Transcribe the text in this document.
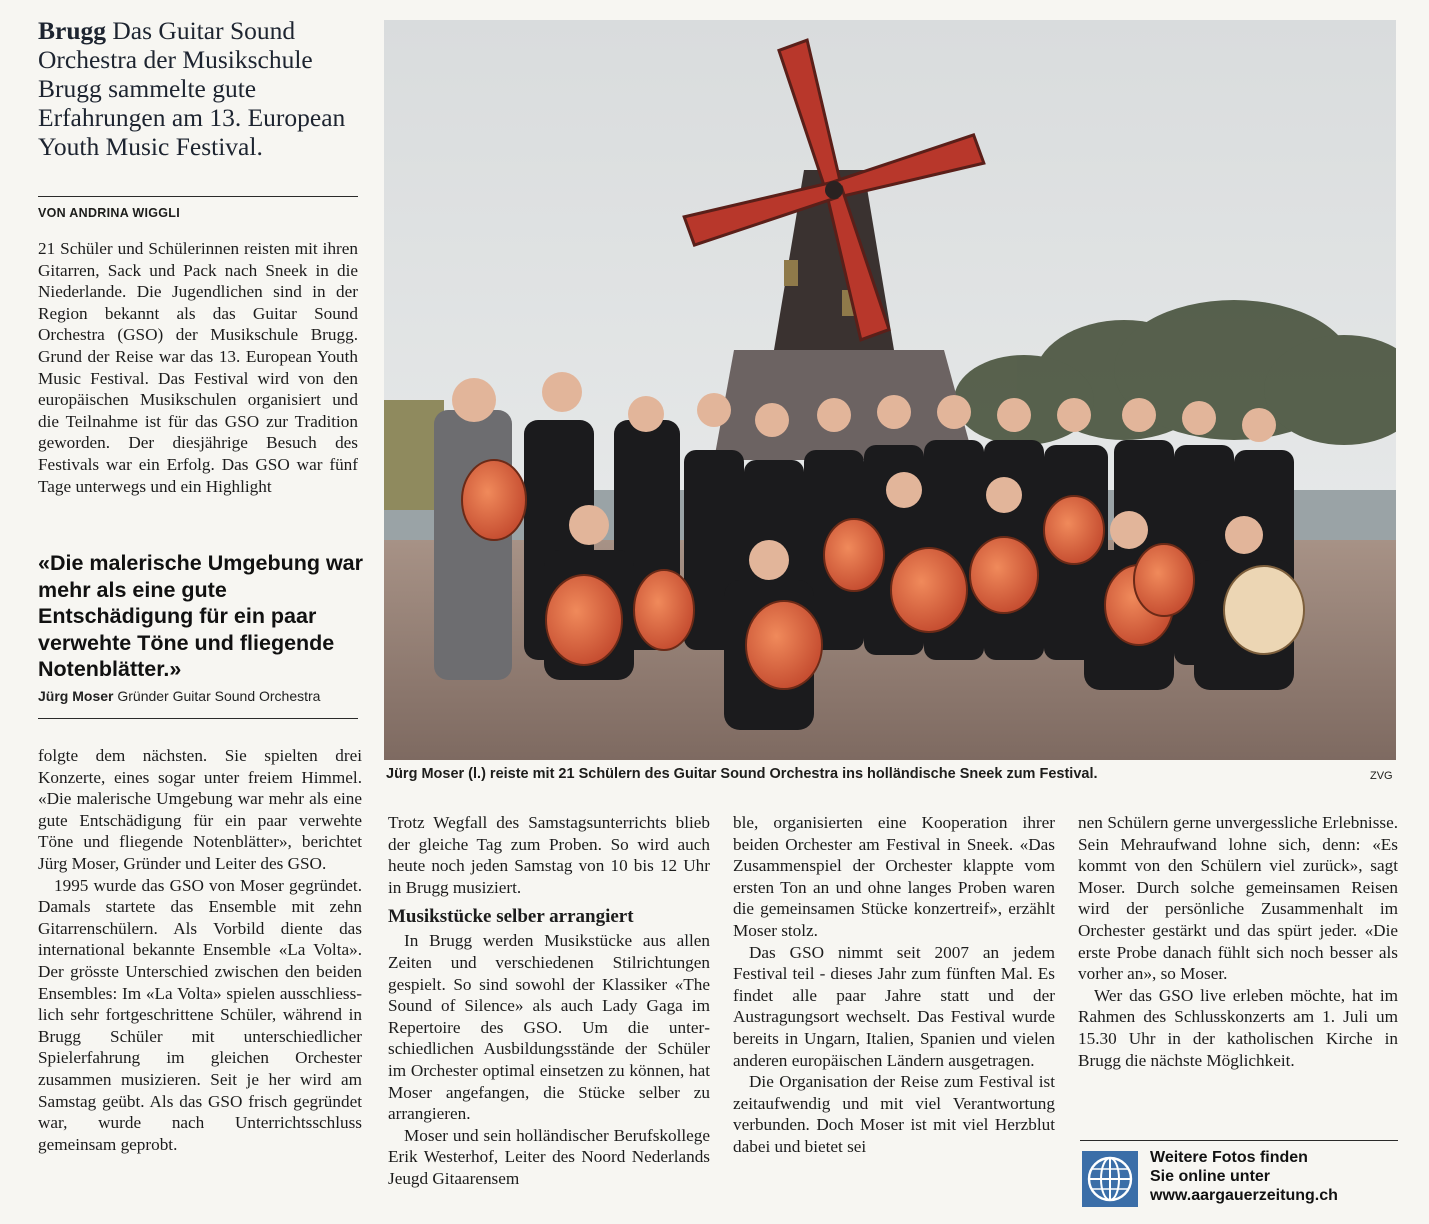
Brugg Das Guitar Sound Orchestra der Musikschule Brugg sammelte gute Erfahrungen am 13. European Youth Music Festival.
VON ANDRINA WIGGLI

21 Schüler und Schülerinnen reisten mit ihren Gitarren, Sack und Pack nach Sneek in die Niederlande. Die Jugendlichen sind in der Region bekannt als das Guitar Sound Orchestra (GSO) der Musikschule Brugg. Grund der Reise war das 13. European Youth Music Festival. Das Festival wird von den europäischen Musikschulen organisiert und die Teilnahme ist für das GSO zur Tradition geworden. Der diesjährige Besuch des Festivals war ein Erfolg. Das GSO war fünf Tage unterwegs und ein Highlight

«Die malerische Umgebung war mehr als eine gute Entschädigung für ein paar verwehte Töne und fliegende Notenblätter.»
Jürg Moser Gründer Guitar Sound Orchestra

folgte dem nächsten. Sie spielten drei Konzerte, eines sogar unter freiem Himmel. «Die malerische Umgebung war mehr als eine gute Entschädigung für ein paar verwehte Töne und fliegende Notenblätter», berichtet Jürg Moser, Gründer und Leiter des GSO.

1995 wurde das GSO von Moser gegründet. Damals startete das Ensemble mit zehn Gitarrenschülern. Als Vorbild diente das international bekannte Ensemble «La Volta». Der grösste Unterschied zwischen den beiden Ensembles: Im «La Volta» spielen ausschliesslich sehr fortgeschrittene Schüler, während in Brugg Schüler mit unterschiedlicher Spielerfahrung im gleichen Orchester zusammen musizieren. Seit je her wird am Samstag geübt. Als das GSO frisch gegründet war, wurde nach Unterrichtsschluss gemeinsam geprobt.

Jürg Moser (l.) reiste mit 21 Schülern des Guitar Sound Orchestra ins holländische Sneek zum Festival.	ZVG

Trotz Wegfall des Samstagsunterrichts blieb der gleiche Tag zum Proben. So wird auch heute noch jeden Samstag von 10 bis 12 Uhr in Brugg musiziert.

Musikstücke selber arrangiert

In Brugg werden Musikstücke aus allen Zeiten und verschiedenen Stilrichtungen gespielt. So sind sowohl der Klassiker «The Sound of Silence» als auch Lady Gaga im Repertoire des GSO. Um die unterschiedlichen Ausbildungsstände der Schüler im Orchester optimal einsetzen zu können, hat Moser angefangen, die Stücke selber zu arrangieren.

Moser und sein holländischer Berufskollege Erik Westerhof, Leiter des Noord Nederlands Jeugd Gitaarensem

ble, organisierten eine Kooperation ihrer beiden Orchester am Festival in Sneek. «Das Zusammenspiel der Orchester klappte vom ersten Ton an und ohne langes Proben waren die gemeinsamen Stücke konzertreif», erzählt Moser stolz.

Das GSO nimmt seit 2007 an jedem Festival teil - dieses Jahr zum fünften Mal. Es findet alle paar Jahre statt und der Austragungsort wechselt. Das Festival wurde bereits in Ungarn, Italien, Spanien und vielen anderen europäischen Ländern ausgetragen.

Die Organisation der Reise zum Festival ist zeitaufwendig und mit viel Verantwortung verbunden. Doch Moser ist mit viel Herzblut dabei und bietet sei

nen Schülern gerne unvergessliche Erlebnisse. Sein Mehraufwand lohne sich, denn: «Es kommt von den Schülern viel zurück», sagt Moser. Durch solche gemeinsamen Reisen wird der persönliche Zusammenhalt im Orchester gestärkt und das spürt jeder. «Die erste Probe danach fühlt sich noch besser als vorher an», so Moser.

Wer das GSO live erleben möchte, hat im Rahmen des Schlusskonzerts am 1. Juli um 15.30 Uhr in der katholischen Kirche in Brugg die nächste Möglichkeit.

Weitere Fotos finden
Sie online unter
www.aargauerzeitung.ch
